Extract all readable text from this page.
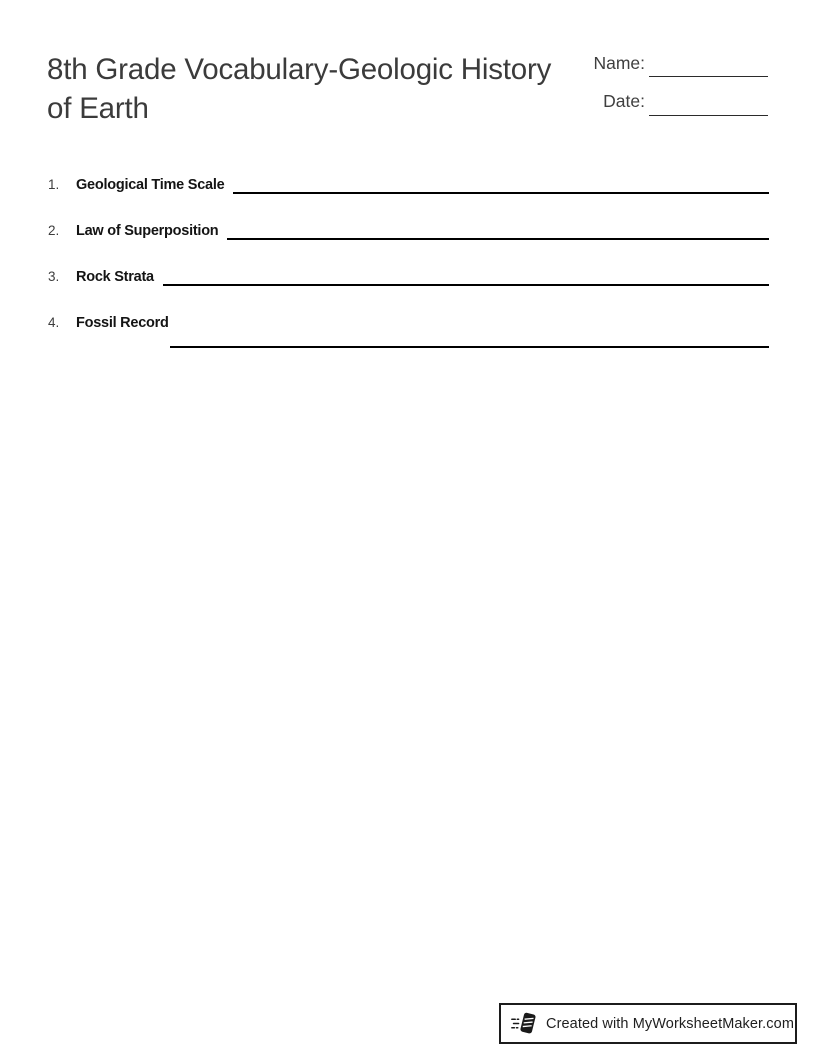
8th Grade Vocabulary-Geologic History of Earth
Name:
Date:
1.	Geological Time Scale
2.	Law of Superposition
3.	Rock Strata
4.	Fossil Record
Created with MyWorksheetMaker.com
